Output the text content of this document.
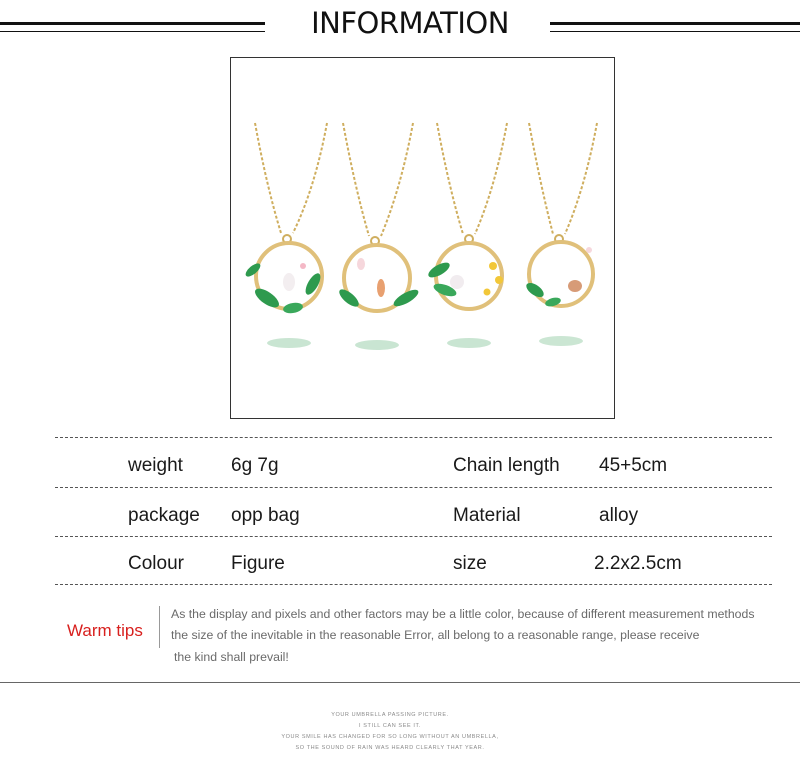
INFORMATION
weight	6g 7g	Chain length 45+5cm
package opp bag	Material	alloy
Colour Figure	size	2.2x2.5cm
Warm tips
As the display and pixels and other factors may be a little color, because of different measurement methods
the size of the inevitable in the reasonable Error, all belong to a reasonable range, please receive
the kind shall prevail!
YOUR UMBRELLA PASSING PICTURE.
I STILL CAN SEE IT.
YOUR SMILE HAS CHANGED FOR SO LONG WITHOUT AN UMBRELLA,
SO THE SOUND OF RAIN WAS HEARD CLEARLY THAT YEAR.
